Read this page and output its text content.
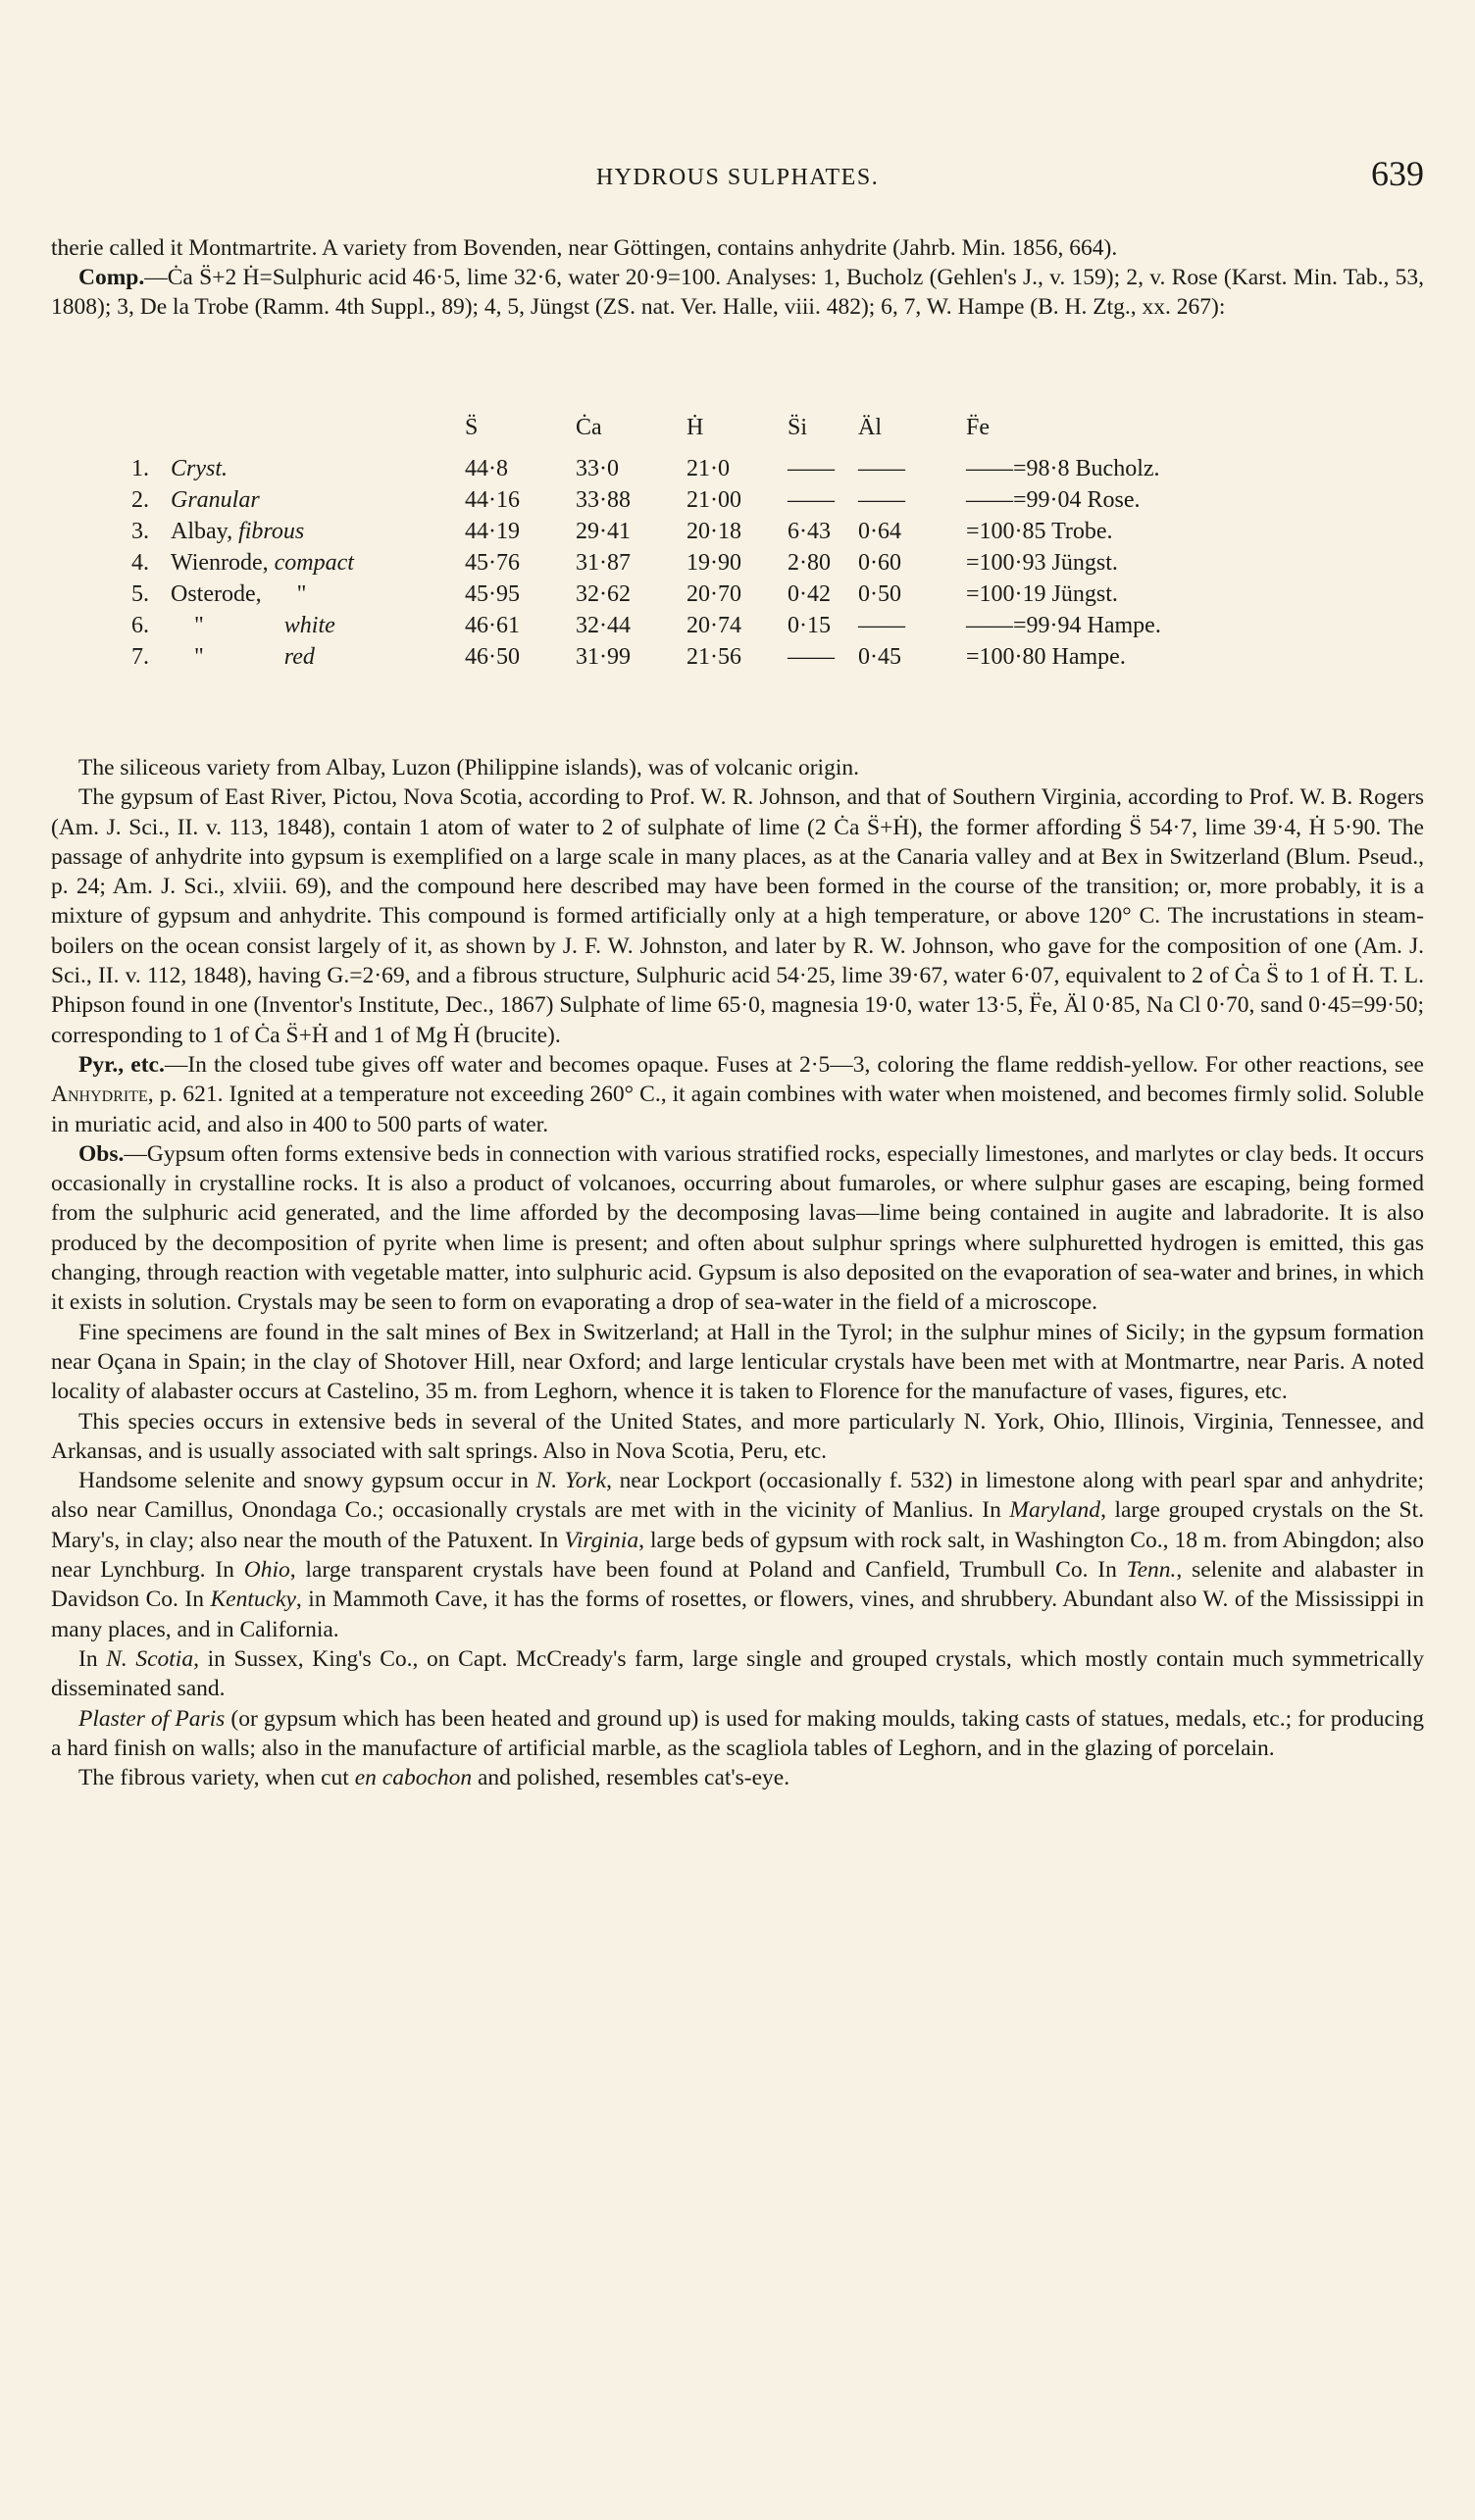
HYDROUS SULPHATES.	639

therie called it Montmartrite. A variety from Bovenden, near Göttingen, contains anhydrite (Jahrb. Min. 1856, 664).

Comp.—Ċa S̈+2 Ḣ=Sulphuric acid 46·5, lime 32·6, water 20·9=100. Analyses: 1, Bucholz (Gehlen's J., v. 159); 2, v. Rose (Karst. Min. Tab., 53, 1808); 3, De la Trobe (Ramm. 4th Suppl., 89); 4, 5, Jüngst (ZS. nat. Ver. Halle, viii. 482); 6, 7, W. Hampe (B. H. Ztg., xx. 267):

		S̈	Ċa	Ḣ	S̈i	Äl	F̈e
1.	Cryst.	44·8	33·0	21·0	——	——	——=98·8 Bucholz.
2.	Granular	44·16	33·88	21·00	——	——	——=99·04 Rose.
3.	Albay, fibrous	44·19	29·41	20·18	6·43	0·64	=100·85 Trobe.
4.	Wienrode, compact	45·76	31·87	19·90	2·80	0·60	=100·93 Jüngst.
5.	Osterode,      "	45·95	32·62	20·70	0·42	0·50	=100·19 Jüngst.
6.	"       white	46·61	32·44	20·74	0·15	——	——=99·94 Hampe.
7.	"       red	46·50	31·99	21·56	——	0·45	=100·80 Hampe.

The siliceous variety from Albay, Luzon (Philippine islands), was of volcanic origin.

The gypsum of East River, Pictou, Nova Scotia, according to Prof. W. R. Johnson, and that of Southern Virginia, according to Prof. W. B. Rogers (Am. J. Sci., II. v. 113, 1848), contain 1 atom of water to 2 of sulphate of lime (2 Ċa S̈+Ḣ), the former affording S̈ 54·7, lime 39·4, Ḣ 5·90. The passage of anhydrite into gypsum is exemplified on a large scale in many places, as at the Canaria valley and at Bex in Switzerland (Blum. Pseud., p. 24; Am. J. Sci., xlviii. 69), and the compound here described may have been formed in the course of the transition; or, more probably, it is a mixture of gypsum and anhydrite. This compound is formed artificially only at a high temperature, or above 120° C. The incrustations in steam-boilers on the ocean consist largely of it, as shown by J. F. W. Johnston, and later by R. W. Johnson, who gave for the composition of one (Am. J. Sci., II. v. 112, 1848), having G.=2·69, and a fibrous structure, Sulphuric acid 54·25, lime 39·67, water 6·07, equivalent to 2 of Ċa S̈ to 1 of Ḣ. T. L. Phipson found in one (Inventor's Institute, Dec., 1867) Sulphate of lime 65·0, magnesia 19·0, water 13·5, F̈e, Äl 0·85, Na Cl 0·70, sand 0·45=99·50; corresponding to 1 of Ċa S̈+Ḣ and 1 of Mg Ḣ (brucite).

Pyr., etc.—In the closed tube gives off water and becomes opaque. Fuses at 2·5—3, coloring the flame reddish-yellow. For other reactions, see Anhydrite, p. 621. Ignited at a temperature not exceeding 260° C., it again combines with water when moistened, and becomes firmly solid. Soluble in muriatic acid, and also in 400 to 500 parts of water.

Obs.—Gypsum often forms extensive beds in connection with various stratified rocks, especially limestones, and marlytes or clay beds. It occurs occasionally in crystalline rocks. It is also a product of volcanoes, occurring about fumaroles, or where sulphur gases are escaping, being formed from the sulphuric acid generated, and the lime afforded by the decomposing lavas—lime being contained in augite and labradorite. It is also produced by the decomposition of pyrite when lime is present; and often about sulphur springs where sulphuretted hydrogen is emitted, this gas changing, through reaction with vegetable matter, into sulphuric acid. Gypsum is also deposited on the evaporation of sea-water and brines, in which it exists in solution. Crystals may be seen to form on evaporating a drop of sea-water in the field of a microscope.

Fine specimens are found in the salt mines of Bex in Switzerland; at Hall in the Tyrol; in the sulphur mines of Sicily; in the gypsum formation near Oçana in Spain; in the clay of Shotover Hill, near Oxford; and large lenticular crystals have been met with at Montmartre, near Paris. A noted locality of alabaster occurs at Castelino, 35 m. from Leghorn, whence it is taken to Florence for the manufacture of vases, figures, etc.

This species occurs in extensive beds in several of the United States, and more particularly N. York, Ohio, Illinois, Virginia, Tennessee, and Arkansas, and is usually associated with salt springs. Also in Nova Scotia, Peru, etc.

Handsome selenite and snowy gypsum occur in N. York, near Lockport (occasionally f. 532) in limestone along with pearl spar and anhydrite; also near Camillus, Onondaga Co.; occasionally crystals are met with in the vicinity of Manlius. In Maryland, large grouped crystals on the St. Mary's, in clay; also near the mouth of the Patuxent. In Virginia, large beds of gypsum with rock salt, in Washington Co., 18 m. from Abingdon; also near Lynchburg. In Ohio, large transparent crystals have been found at Poland and Canfield, Trumbull Co. In Tenn., selenite and alabaster in Davidson Co. In Kentucky, in Mammoth Cave, it has the forms of rosettes, or flowers, vines, and shrubbery. Abundant also W. of the Mississippi in many places, and in California.

In N. Scotia, in Sussex, King's Co., on Capt. McCready's farm, large single and grouped crystals, which mostly contain much symmetrically disseminated sand.

Plaster of Paris (or gypsum which has been heated and ground up) is used for making moulds, taking casts of statues, medals, etc.; for producing a hard finish on walls; also in the manufacture of artificial marble, as the scagliola tables of Leghorn, and in the glazing of porcelain.

The fibrous variety, when cut en cabochon and polished, resembles cat's-eye.
